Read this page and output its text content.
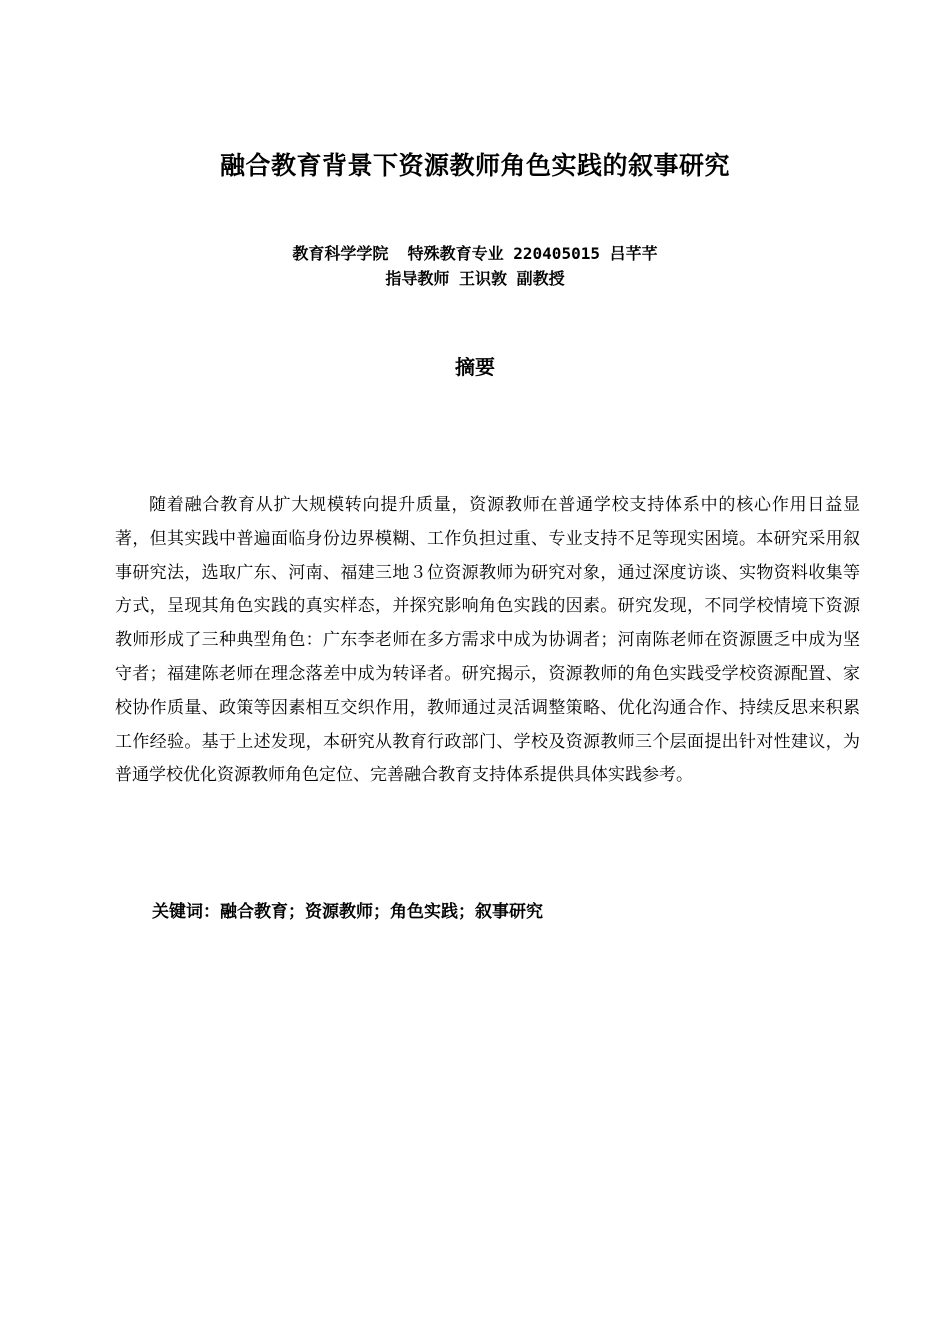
融合教育背景下资源教师角色实践的叙事研究
教育科学学院  特殊教育专业 220405015 吕芊芊
指导教师 王识敦 副教授
摘要

随着融合教育从扩大规模转向提升质量，资源教师在普通学校支持体系中的核心作用日益显著，但其实践中普遍面临身份边界模糊、工作负担过重、专业支持不足等现实困境。本研究采用叙事研究法，选取广东、河南、福建三地３位资源教师为研究对象，通过深度访谈、实物资料收集等方式，呈现其角色实践的真实样态，并探究影响角色实践的因素。研究发现，不同学校情境下资源教师形成了三种典型角色：广东李老师在多方需求中成为协调者；河南陈老师在资源匮乏中成为坚守者；福建陈老师在理念落差中成为转译者。研究揭示，资源教师的角色实践受学校资源配置、家校协作质量、政策等因素相互交织作用，教师通过灵活调整策略、优化沟通合作、持续反思来积累工作经验。基于上述发现，本研究从教育行政部门、学校及资源教师三个层面提出针对性建议，为普通学校优化资源教师角色定位、完善融合教育支持体系提供具体实践参考。

关键词：融合教育；资源教师；角色实践；叙事研究
